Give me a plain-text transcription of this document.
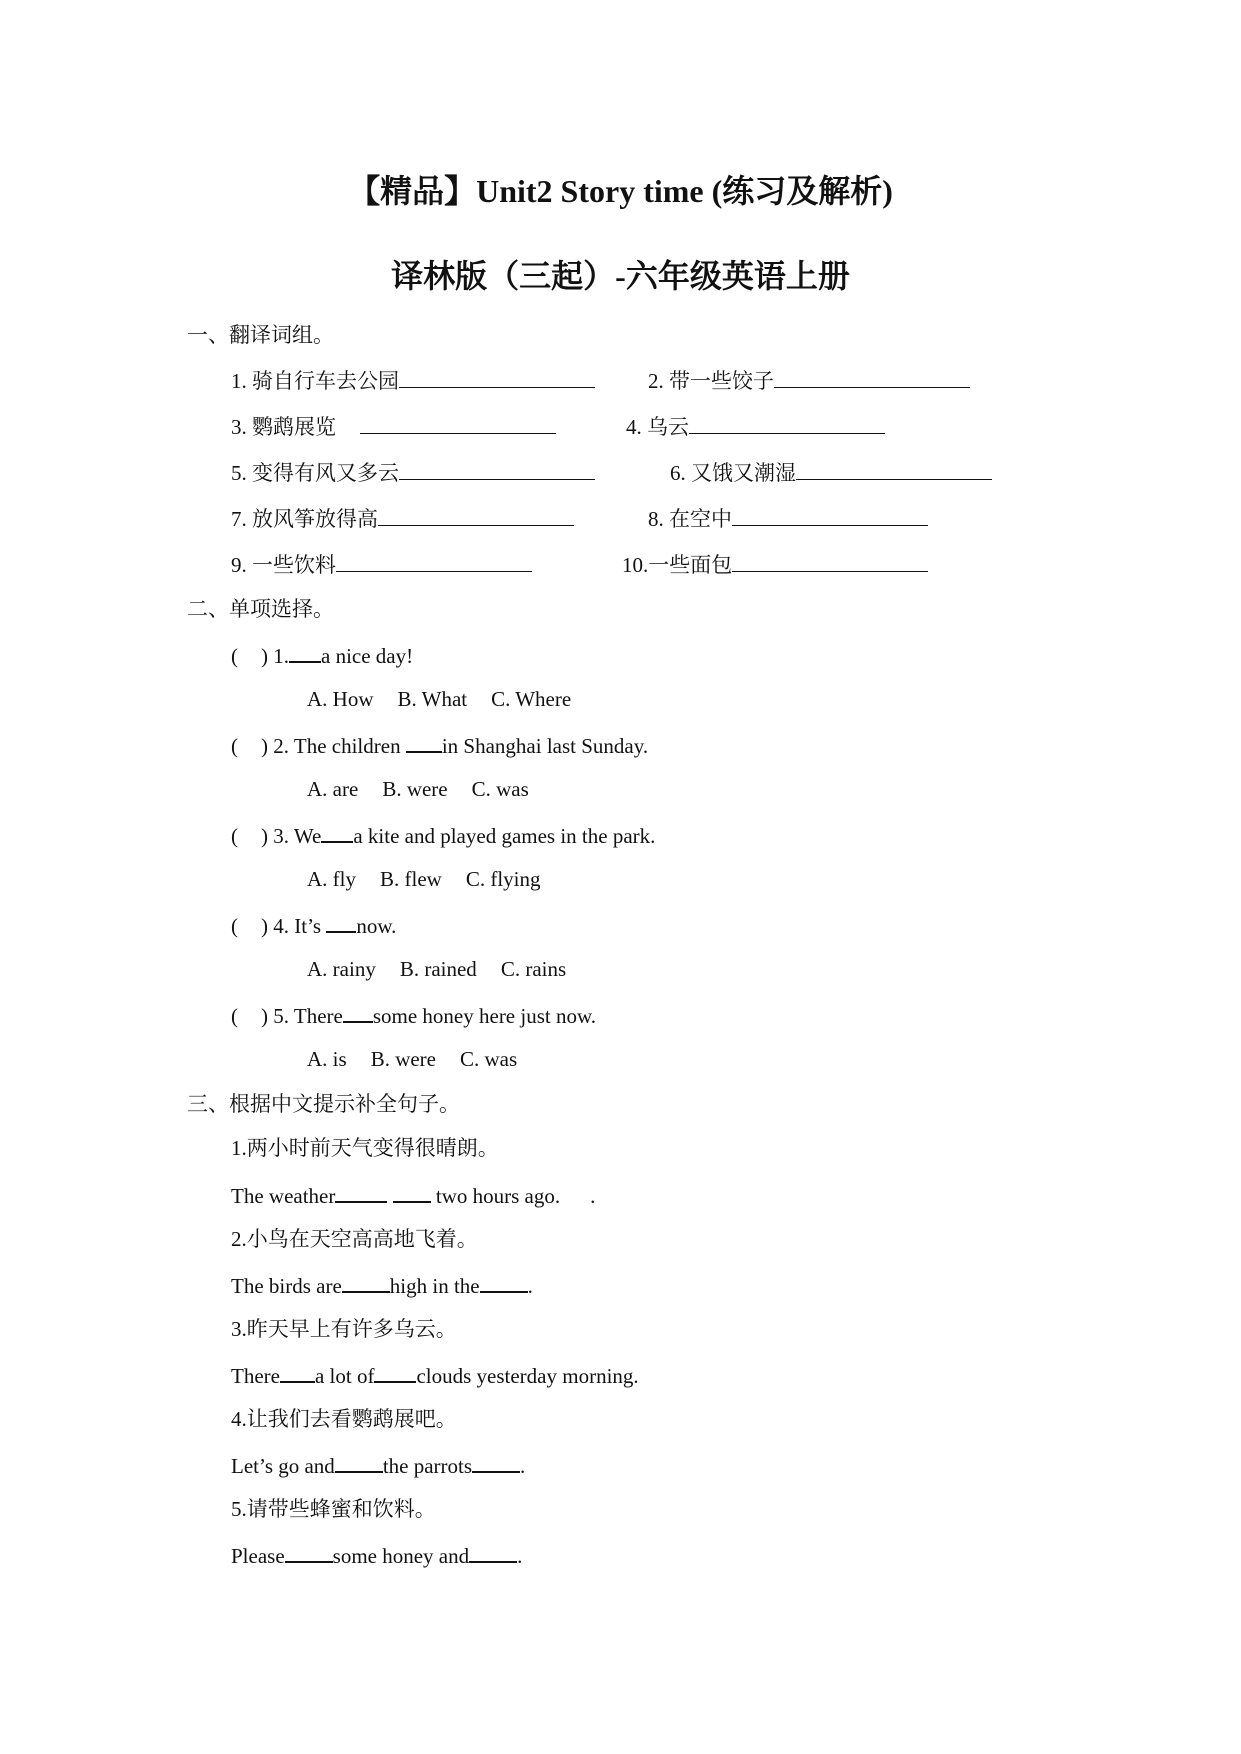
【精品】Unit2 Story time (练习及解析)
译林版（三起）-六年级英语上册
一、翻译词组。
1. 骑自行车去公园	2. 带一些饺子
3. 鹦鹉展览	4. 乌云
5. 变得有风又多云	6. 又饿又潮湿
7. 放风筝放得高	8. 在空中
9. 一些饮料	10.一些面包
二、单项选择。
( ) 1. a nice day!
A. How B. What C. Where
( ) 2. The children in Shanghai last Sunday.
A. are B. were C. was
( ) 3. We a kite and played games in the park.
A. fly B. flew C. flying
( ) 4. It’s now.
A. rainy B. rained C. rains
( ) 5. There some honey here just now.
A. is B. were C. was
三、根据中文提示补全句子。
1.两小时前天气变得很晴朗。
The weather	two hours ago. .
2.小鸟在天空高高地飞着。
The birds are high in the .
3.昨天早上有许多乌云。
There a lot of clouds yesterday morning.
4.让我们去看鹦鹉展吧。
Let’s go and the parrots .
5.请带些蜂蜜和饮料。
Please some honey and .
